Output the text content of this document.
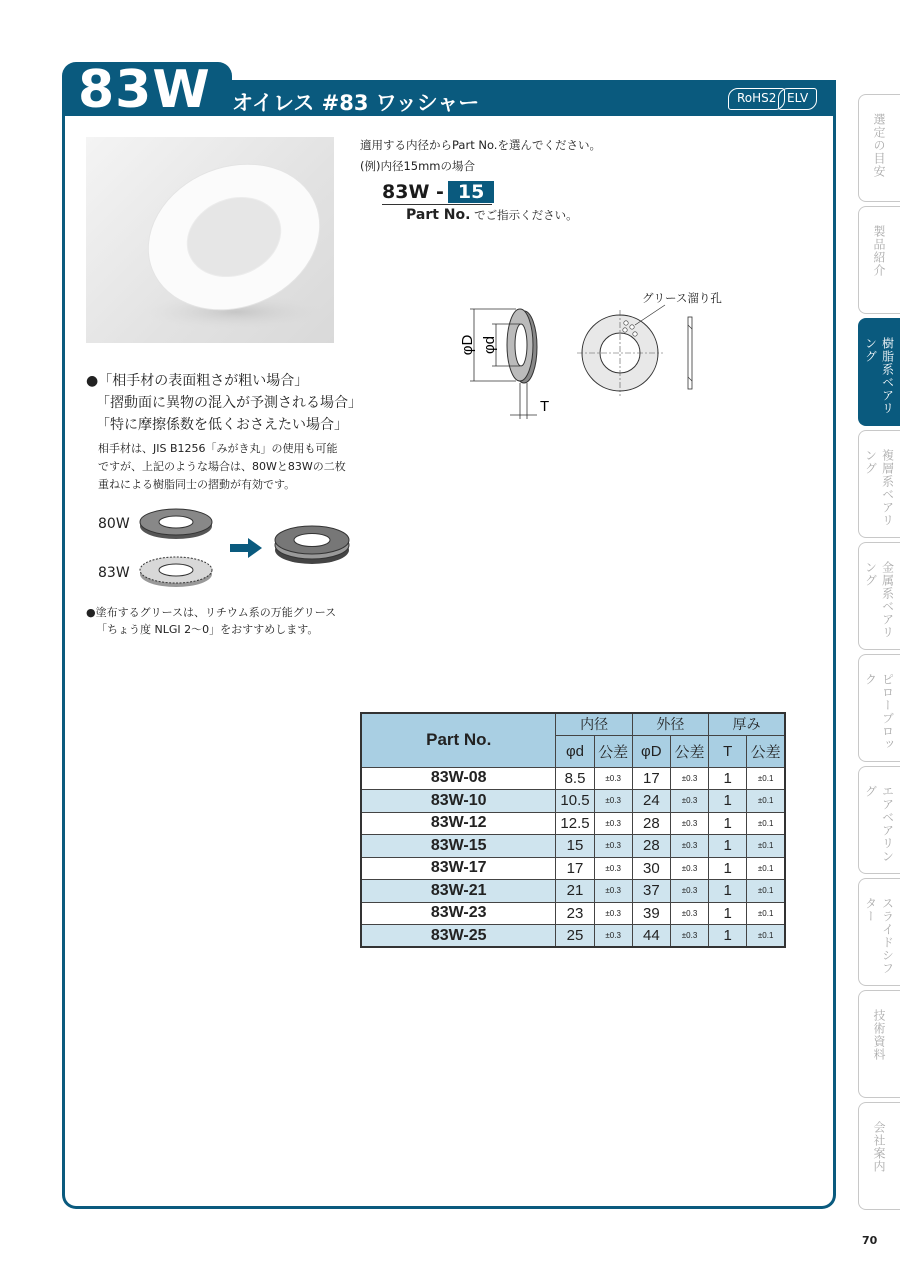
83W オイレス #83 ワッシャー	RoHS2 ELV
選定の目安
製品紹介
樹脂系ベアリング
複層系ベアリング
金属系ベアリング
ピローブロック
エアベアリング
スライドシフター
技術資料
会社案内
70
●「相手材の表面粗さが粗い場合」
「摺動面に異物の混入が予測される場合」
「特に摩擦係数を低くおさえたい場合」
相手材は、JIS B1256「みがき丸」の使用も可能
ですが、上記のような場合は、80Wと83Wの二枚
重ねによる樹脂同士の摺動が有効です。
80W
83W
●塗布するグリースは、リチウム系の万能グリース
「ちょう度 NLGI 2〜0」をおすすめします。
適用する内径からPart No.を選んでください。
(例)内径15mmの場合
83W - 15
Part No. でご指示ください。
グリース溜り孔
φD φd
T
Part No.	内径		外径		厚み	
	φd	公差	φD	公差	T	公差
83W-08	8.5	±0.3	17	±0.3	1	±0.1
83W-10	10.5	±0.3	24	±0.3	1	±0.1
83W-12	12.5	±0.3	28	±0.3	1	±0.1
83W-15	15	±0.3	28	±0.3	1	±0.1
83W-17	17	±0.3	30	±0.3	1	±0.1
83W-21	21	±0.3	37	±0.3	1	±0.1
83W-23	23	±0.3	39	±0.3	1	±0.1
83W-25	25	±0.3	44	±0.3	1	±0.1
